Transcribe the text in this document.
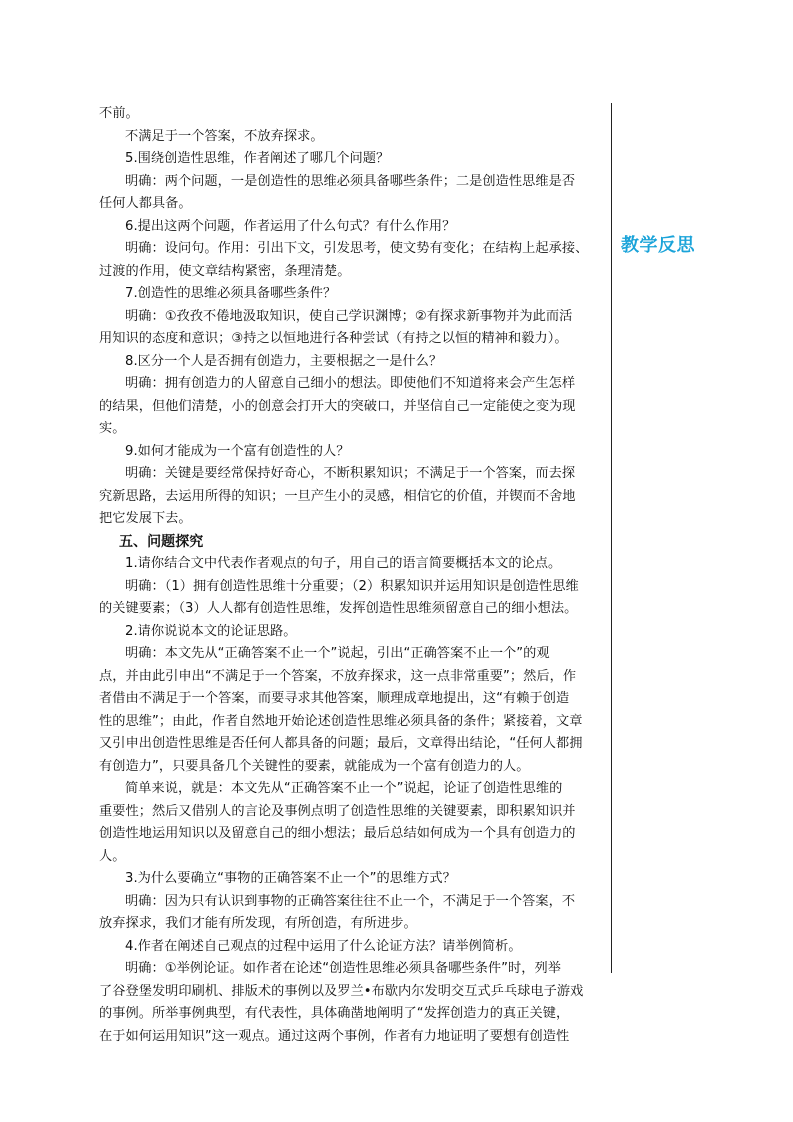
不前。
不满足于一个答案，不放弃探求。
5.围绕创造性思维，作者阐述了哪几个问题？
明确：两个问题，一是创造性的思维必须具备哪些条件；二是创造性思维是否
任何人都具备。
6.提出这两个问题，作者运用了什么句式？有什么作用？
明确：设问句。作用：引出下文，引发思考，使文势有变化；在结构上起承接、
过渡的作用，使文章结构紧密，条理清楚。
7.创造性的思维必须具备哪些条件？
明确：①孜孜不倦地汲取知识，使自己学识渊博；②有探求新事物并为此而活
用知识的态度和意识；③持之以恒地进行各种尝试（有持之以恒的精神和毅力）。
8.区分一个人是否拥有创造力，主要根据之一是什么？
明确：拥有创造力的人留意自己细小的想法。即使他们不知道将来会产生怎样
的结果，但他们清楚，小的创意会打开大的突破口，并坚信自己一定能使之变为现
实。
9.如何才能成为一个富有创造性的人？
明确：关键是要经常保持好奇心，不断积累知识；不满足于一个答案，而去探
究新思路，去运用所得的知识；一旦产生小的灵感，相信它的价值，并锲而不舍地
把它发展下去。
五、问题探究
1.请你结合文中代表作者观点的句子，用自己的语言简要概括本文的论点。
明确：（1）拥有创造性思维十分重要；（2）积累知识并运用知识是创造性思维
的关键要素；（3）人人都有创造性思维，发挥创造性思维须留意自己的细小想法。
2.请你说说本文的论证思路。
明确：本文先从“正确答案不止一个”说起，引出“正确答案不止一个”的观
点，并由此引申出“不满足于一个答案，不放弃探求，这一点非常重要”；然后，作
者借由不满足于一个答案，而要寻求其他答案，顺理成章地提出，这“有赖于创造
性的思维”；由此，作者自然地开始论述创造性思维必须具备的条件；紧接着，文章
又引申出创造性思维是否任何人都具备的问题；最后，文章得出结论，“任何人都拥
有创造力”，只要具备几个关键性的要素，就能成为一个富有创造力的人。
简单来说，就是：本文先从“正确答案不止一个”说起，论证了创造性思维的
重要性；然后又借别人的言论及事例点明了创造性思维的关键要素，即积累知识并
创造性地运用知识以及留意自己的细小想法；最后总结如何成为一个具有创造力的
人。
3.为什么要确立“事物的正确答案不止一个”的思维方式？
明确：因为只有认识到事物的正确答案往往不止一个，不满足于一个答案，不
放弃探求，我们才能有所发现，有所创造，有所进步。
4.作者在阐述自己观点的过程中运用了什么论证方法？请举例简析。
明确：①举例论证。如作者在论述“创造性思维必须具备哪些条件”时，列举
了谷登堡发明印刷机、排版术的事例以及罗兰•布歇内尔发明交互式乒乓球电子游戏
的事例。所举事例典型，有代表性，具体确凿地阐明了“发挥创造力的真正关键，
在于如何运用知识”这一观点。通过这两个事例，作者有力地证明了要想有创造性
教学反思
